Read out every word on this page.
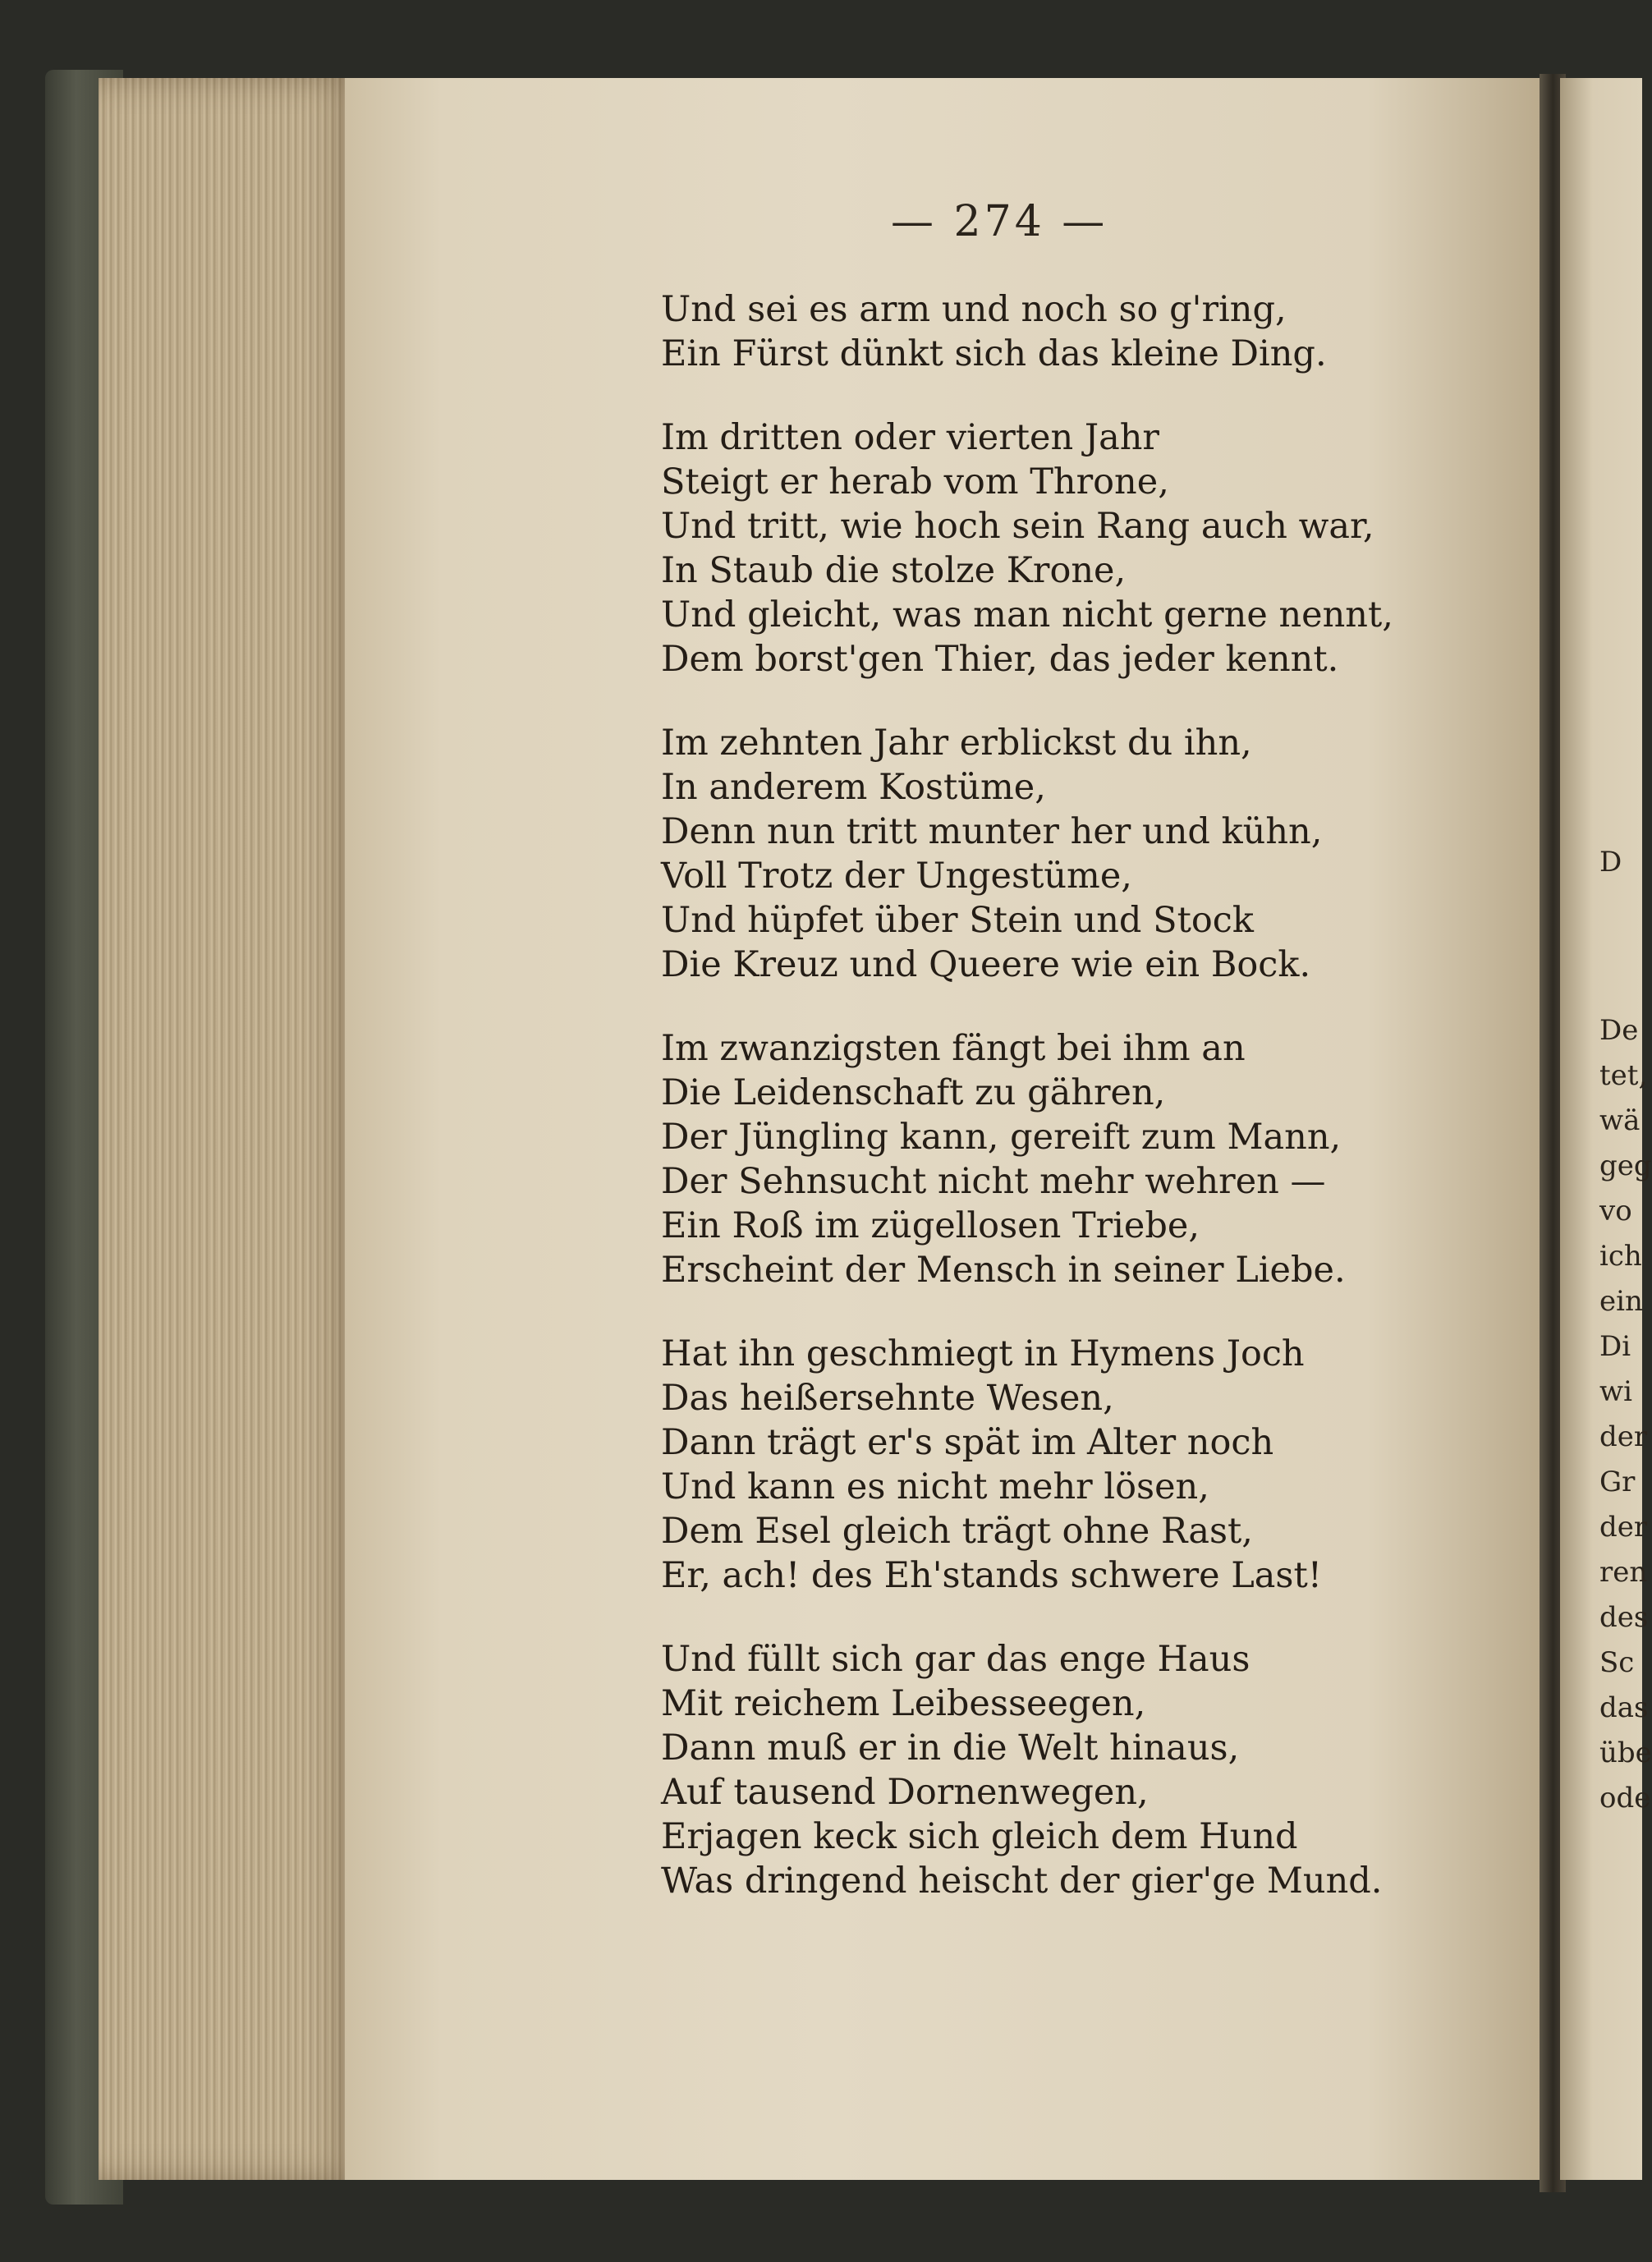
— 274 —
Und sei es arm und noch so g'ring,
Ein Fürst dünkt sich das kleine Ding.
Im dritten oder vierten Jahr
Steigt er herab vom Throne,
Und tritt, wie hoch sein Rang auch war,
In Staub die stolze Krone,
Und gleicht, was man nicht gerne nennt,
Dem borst'gen Thier, das jeder kennt.
Im zehnten Jahr erblickst du ihn,
In anderem Kostüme,
Denn nun tritt munter her und kühn,
Voll Trotz der Ungestüme,
Und hüpfet über Stein und Stock
Die Kreuz und Queere wie ein Bock.
Im zwanzigsten fängt bei ihm an
Die Leidenschaft zu gähren,
Der Jüngling kann, gereift zum Mann,
Der Sehnsucht nicht mehr wehren —
Ein Roß im zügellosen Triebe,
Erscheint der Mensch in seiner Liebe.
Hat ihn geschmiegt in Hymens Joch
Das heißersehnte Wesen,
Dann trägt er's spät im Alter noch
Und kann es nicht mehr lösen,
Dem Esel gleich trägt ohne Rast,
Er, ach! des Eh'stands schwere Last!
Und füllt sich gar das enge Haus
Mit reichem Leibesseegen,
Dann muß er in die Welt hinaus,
Auf tausend Dornenwegen,
Erjagen keck sich gleich dem Hund
Was dringend heischt der gier'ge Mund.
D
De
tet,
wä
geg
vo
ich
ein
Di
wi
der
Gr
der
ren
des
Sc
das
übe
ode
